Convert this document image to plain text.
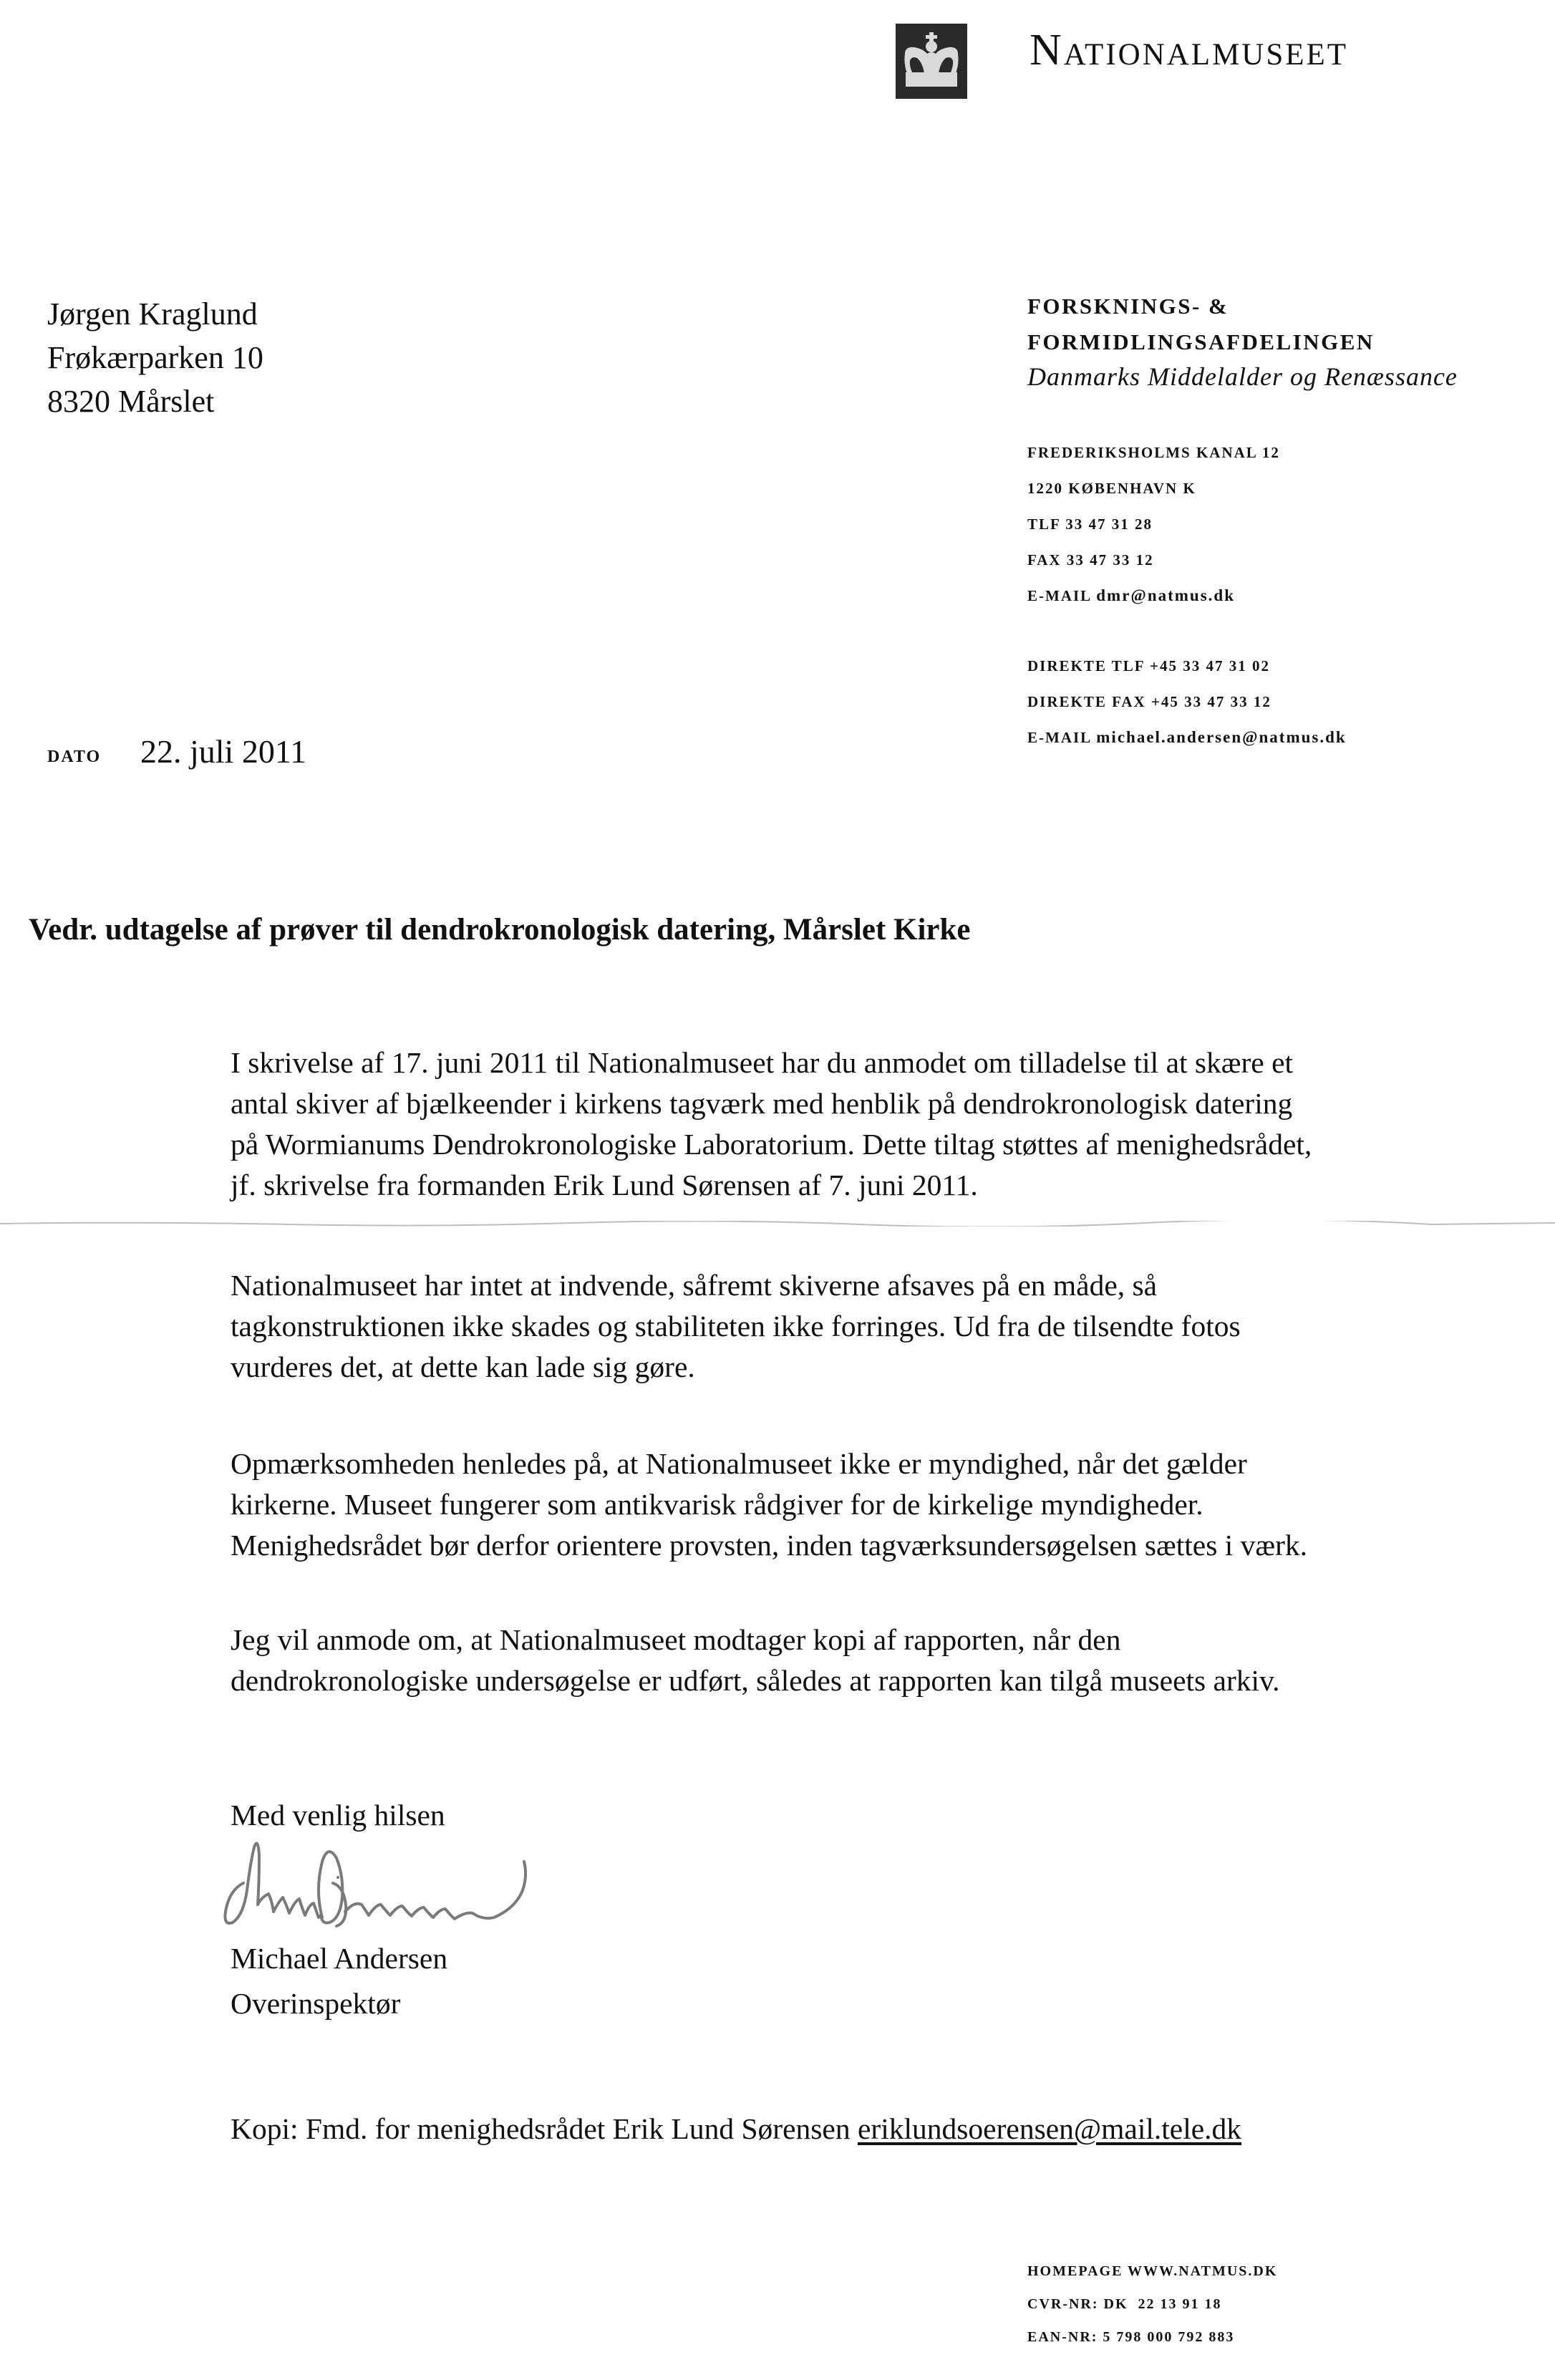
Nationalmuseet
Jørgen Kraglund
Frøkærparken 10
8320 Mårslet
FORSKNINGS- &
FORMIDLINGSAFDELINGEN
Danmarks Middelalder og Renæssance
FREDERIKSHOLMS KANAL 12
1220 KØBENHAVN K
TLF 33 47 31 28
FAX 33 47 33 12
E-MAIL dmr@natmus.dk
DIREKTE TLF +45 33 47 31 02
DIREKTE FAX +45 33 47 33 12
E-MAIL michael.andersen@natmus.dk
DATO 22. juli 2011
Vedr. udtagelse af prøver til dendrokronologisk datering, Mårslet Kirke
I skrivelse af 17. juni 2011 til Nationalmuseet har du anmodet om tilladelse til at skære et
antal skiver af bjælkeender i kirkens tagværk med henblik på dendrokronologisk datering
på Wormianums Dendrokronologiske Laboratorium. Dette tiltag støttes af menighedsrådet,
jf. skrivelse fra formanden Erik Lund Sørensen af 7. juni 2011.
Nationalmuseet har intet at indvende, såfremt skiverne afsaves på en måde, så
tagkonstruktionen ikke skades og stabiliteten ikke forringes. Ud fra de tilsendte fotos
vurderes det, at dette kan lade sig gøre.
Opmærksomheden henledes på, at Nationalmuseet ikke er myndighed, når det gælder
kirkerne. Museet fungerer som antikvarisk rådgiver for de kirkelige myndigheder.
Menighedsrådet bør derfor orientere provsten, inden tagværksundersøgelsen sættes i værk.
Jeg vil anmode om, at Nationalmuseet modtager kopi af rapporten, når den
dendrokronologiske undersøgelse er udført, således at rapporten kan tilgå museets arkiv.
Med venlig hilsen
Michael Andersen
Overinspektør
Kopi: Fmd. for menighedsrådet Erik Lund Sørensen eriklundsoerensen@mail.tele.dk
HOMEPAGE WWW.NATMUS.DK
CVR-NR: DK  22 13 91 18
EAN-NR: 5 798 000 792 883
